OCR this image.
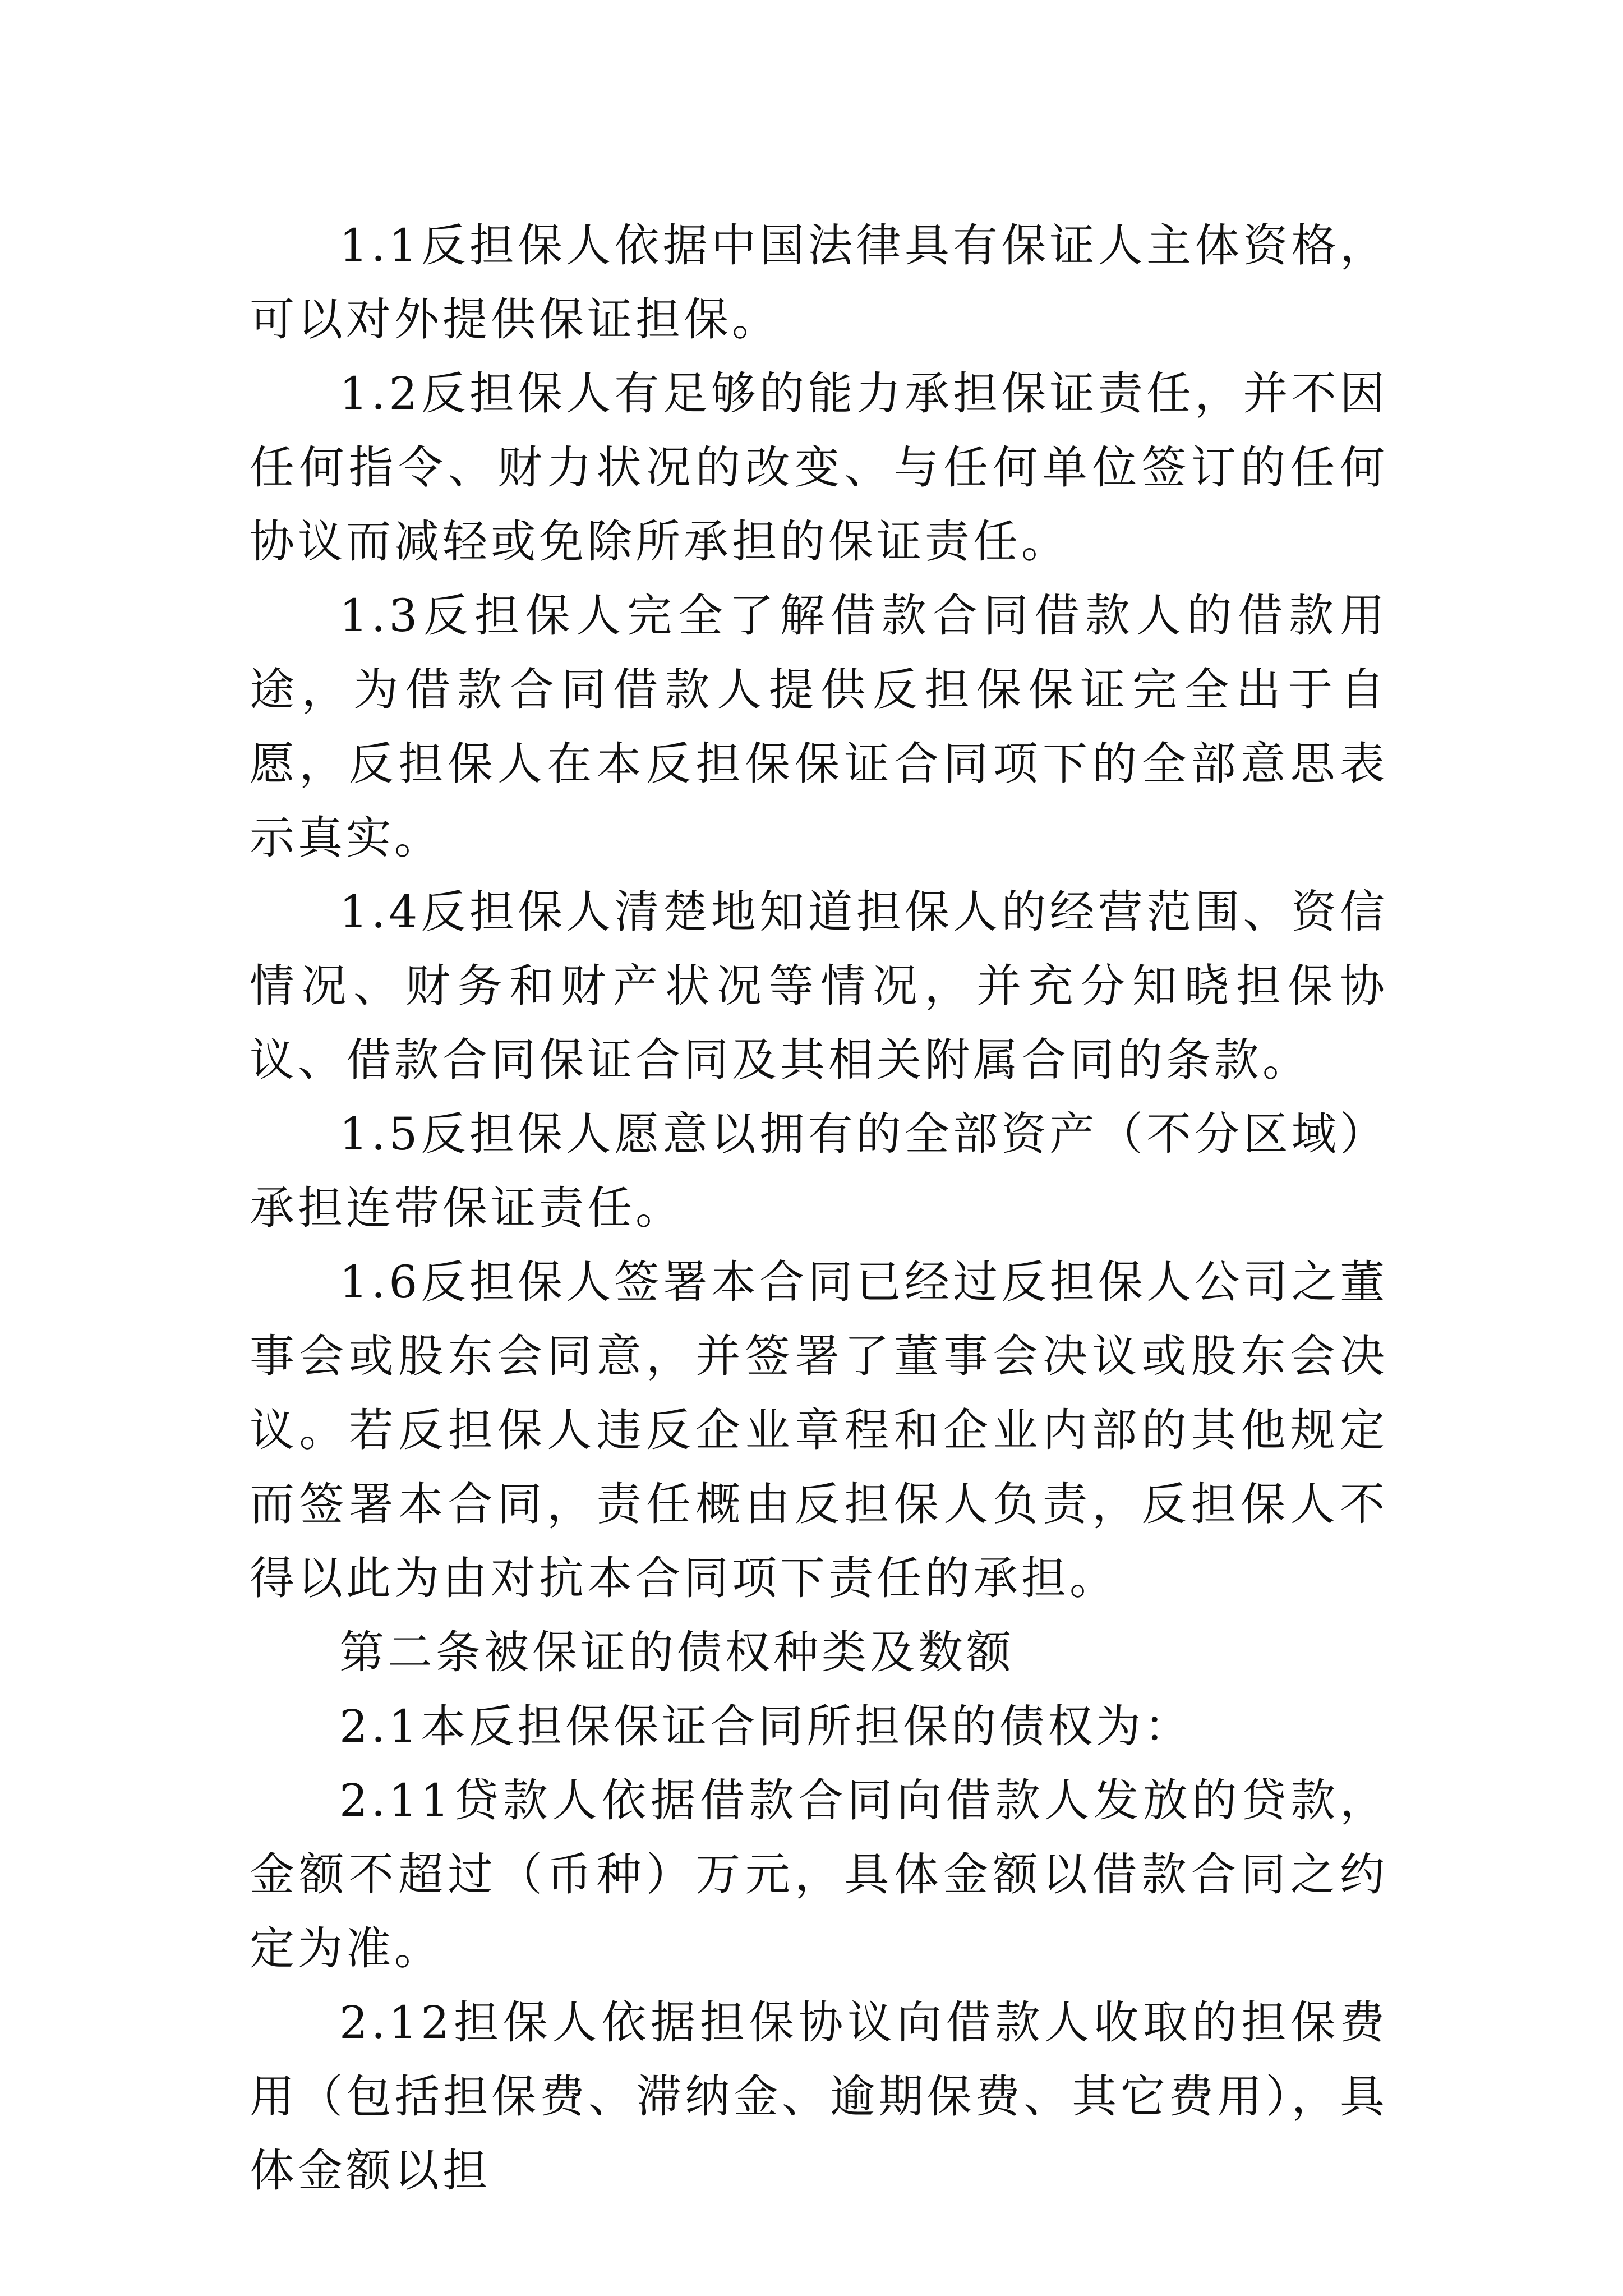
1.1反担保人依据中国法律具有保证人主体资格，可以对外提供保证担保。

1.2反担保人有足够的能力承担保证责任，并不因任何指令、财力状况的改变、与任何单位签订的任何协议而减轻或免除所承担的保证责任。

1.3反担保人完全了解借款合同借款人的借款用途，为借款合同借款人提供反担保保证完全出于自愿，反担保人在本反担保保证合同项下的全部意思表示真实。

1.4反担保人清楚地知道担保人的经营范围、资信情况、财务和财产状况等情况，并充分知晓担保协议、借款合同保证合同及其相关附属合同的条款。

1.5反担保人愿意以拥有的全部资产（不分区域）承担连带保证责任。

1.6反担保人签署本合同已经过反担保人公司之董事会或股东会同意，并签署了董事会决议或股东会决议。若反担保人违反企业章程和企业内部的其他规定而签署本合同，责任概由反担保人负责，反担保人不得以此为由对抗本合同项下责任的承担。

第二条被保证的债权种类及数额

2.1本反担保保证合同所担保的债权为：

2.11贷款人依据借款合同向借款人发放的贷款，金额不超过（币种）万元，具体金额以借款合同之约定为准。

2.12担保人依据担保协议向借款人收取的担保费用（包括担保费、滞纳金、逾期保费、其它费用），具体金额以担
